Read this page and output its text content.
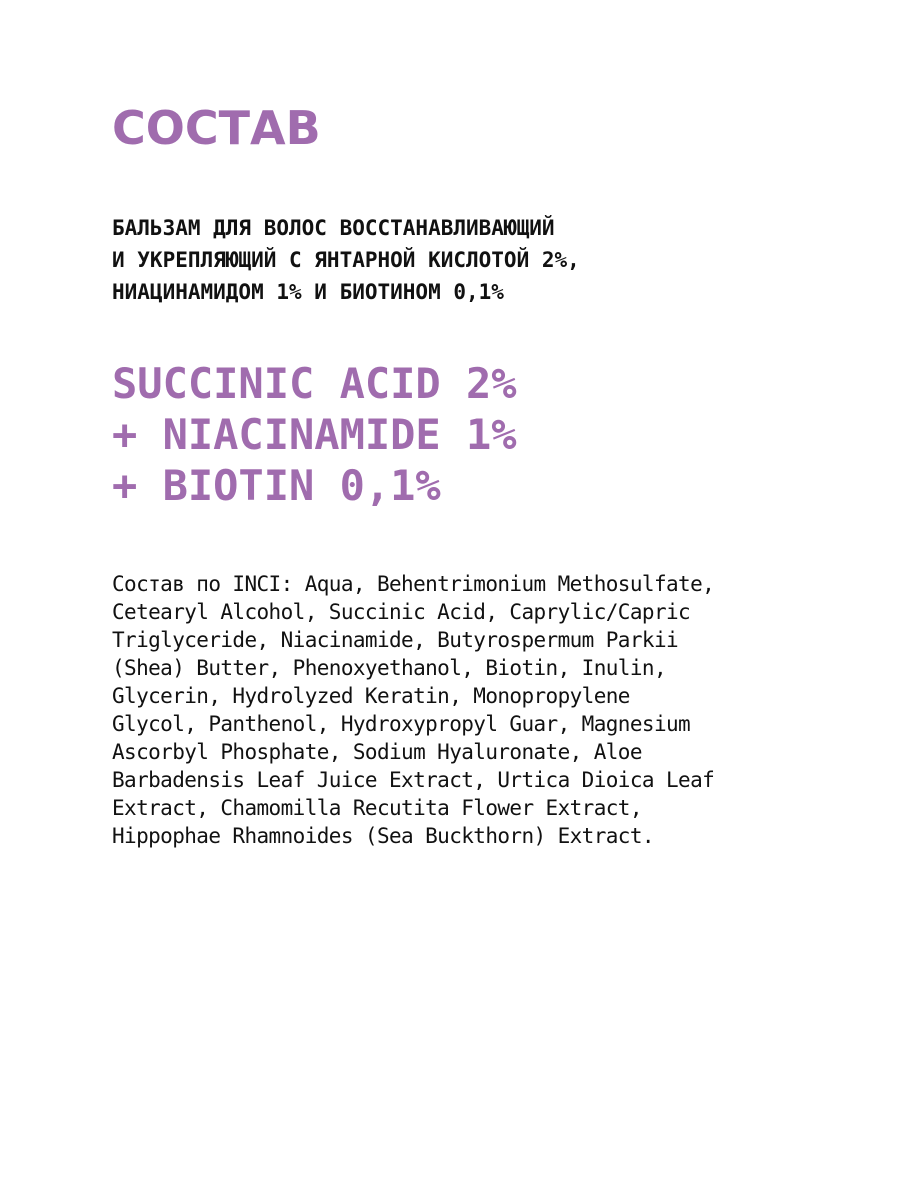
СОСТАВ
БАЛЬЗАМ ДЛЯ ВОЛОС ВОССТАНАВЛИВАЮЩИЙ
И УКРЕПЛЯЮЩИЙ С ЯНТАРНОЙ КИСЛОТОЙ 2%,
НИАЦИНАМИДОМ 1% И БИОТИНОМ 0,1%
SUCCINIC ACID 2%
+ NIACINAMIDE 1%
+ BIOTIN 0,1%
Состав по INCI: Aqua, Behentrimonium Methosulfate,
Cetearyl Alcohol, Succinic Acid, Caprylic/Capric
Triglyceride, Niacinamide, Butyrospermum Parkii
(Shea) Butter, Phenoxyethanol, Biotin, Inulin,
Glycerin, Hydrolyzed Keratin, Monopropylene
Glycol, Panthenol, Hydroxypropyl Guar, Magnesium
Ascorbyl Phosphate, Sodium Hyaluronate, Aloe
Barbadensis Leaf Juice Extract, Urtica Dioica Leaf
Extract, Chamomilla Recutita Flower Extract,
Hippophae Rhamnoides (Sea Buckthorn) Extract.
